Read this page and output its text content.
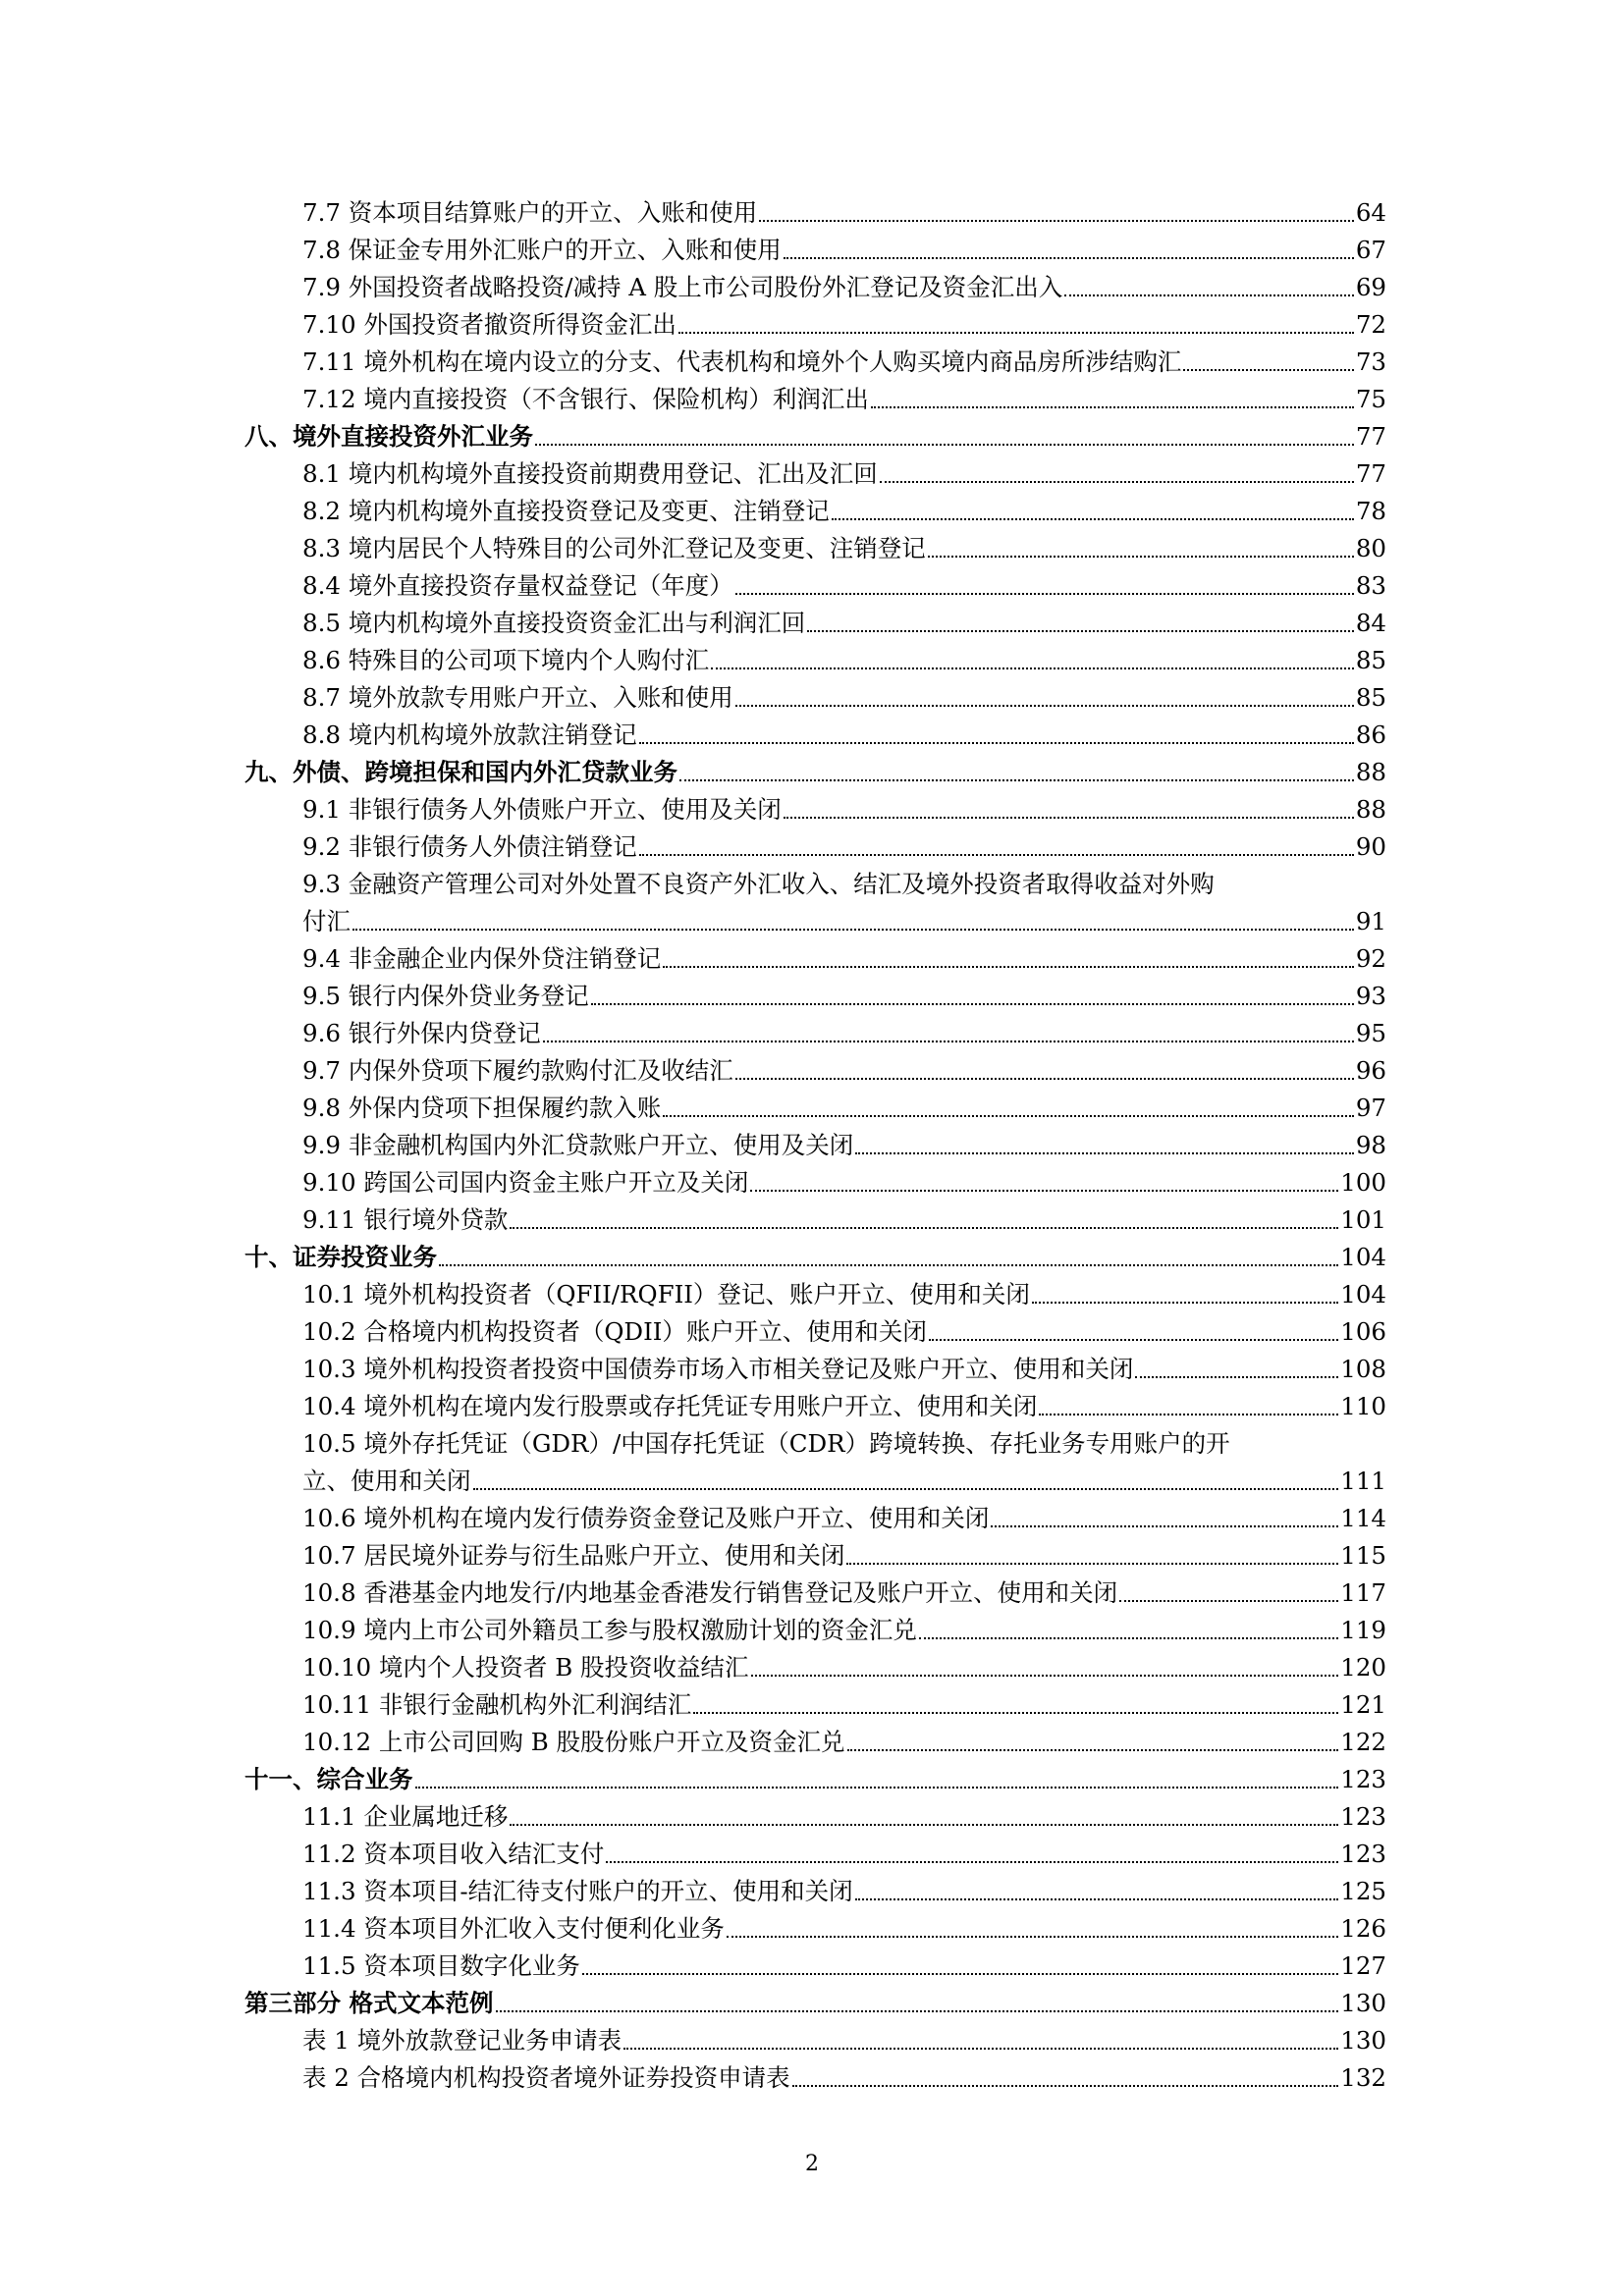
7.7 资本项目结算账户的开立、入账和使用	64
7.8 保证金专用外汇账户的开立、入账和使用	67
7.9 外国投资者战略投资/减持 A 股上市公司股份外汇登记及资金汇出入	69
7.10 外国投资者撤资所得资金汇出	72
7.11 境外机构在境内设立的分支、代表机构和境外个人购买境内商品房所涉结购汇	73
7.12 境内直接投资（不含银行、保险机构）利润汇出	75
八、境外直接投资外汇业务	77
8.1 境内机构境外直接投资前期费用登记、汇出及汇回	77
8.2 境内机构境外直接投资登记及变更、注销登记	78
8.3 境内居民个人特殊目的公司外汇登记及变更、注销登记	80
8.4 境外直接投资存量权益登记（年度）	83
8.5 境内机构境外直接投资资金汇出与利润汇回	84
8.6 特殊目的公司项下境内个人购付汇	85
8.7 境外放款专用账户开立、入账和使用	85
8.8 境内机构境外放款注销登记	86
九、外债、跨境担保和国内外汇贷款业务	88
9.1 非银行债务人外债账户开立、使用及关闭	88
9.2 非银行债务人外债注销登记	90
9.3 金融资产管理公司对外处置不良资产外汇收入、结汇及境外投资者取得收益对外购
付汇	91
9.4 非金融企业内保外贷注销登记	92
9.5 银行内保外贷业务登记	93
9.6 银行外保内贷登记	95
9.7 内保外贷项下履约款购付汇及收结汇	96
9.8 外保内贷项下担保履约款入账	97
9.9 非金融机构国内外汇贷款账户开立、使用及关闭	98
9.10 跨国公司国内资金主账户开立及关闭	100
9.11 银行境外贷款	101
十、证券投资业务	104
10.1 境外机构投资者（QFII/RQFII）登记、账户开立、使用和关闭	104
10.2 合格境内机构投资者（QDII）账户开立、使用和关闭	106
10.3 境外机构投资者投资中国债券市场入市相关登记及账户开立、使用和关闭	108
10.4 境外机构在境内发行股票或存托凭证专用账户开立、使用和关闭	110
10.5 境外存托凭证（GDR）/中国存托凭证（CDR）跨境转换、存托业务专用账户的开
立、使用和关闭	111
10.6 境外机构在境内发行债券资金登记及账户开立、使用和关闭	114
10.7 居民境外证券与衍生品账户开立、使用和关闭	115
10.8 香港基金内地发行/内地基金香港发行销售登记及账户开立、使用和关闭	117
10.9 境内上市公司外籍员工参与股权激励计划的资金汇兑	119
10.10 境内个人投资者 B 股投资收益结汇	120
10.11 非银行金融机构外汇利润结汇	121
10.12 上市公司回购 B 股股份账户开立及资金汇兑	122
十一、综合业务	123
11.1 企业属地迁移	123
11.2 资本项目收入结汇支付	123
11.3 资本项目-结汇待支付账户的开立、使用和关闭	125
11.4 资本项目外汇收入支付便利化业务	126
11.5 资本项目数字化业务	127
第三部分 格式文本范例	130
表 1 境外放款登记业务申请表	130
表 2 合格境内机构投资者境外证券投资申请表	132
2
